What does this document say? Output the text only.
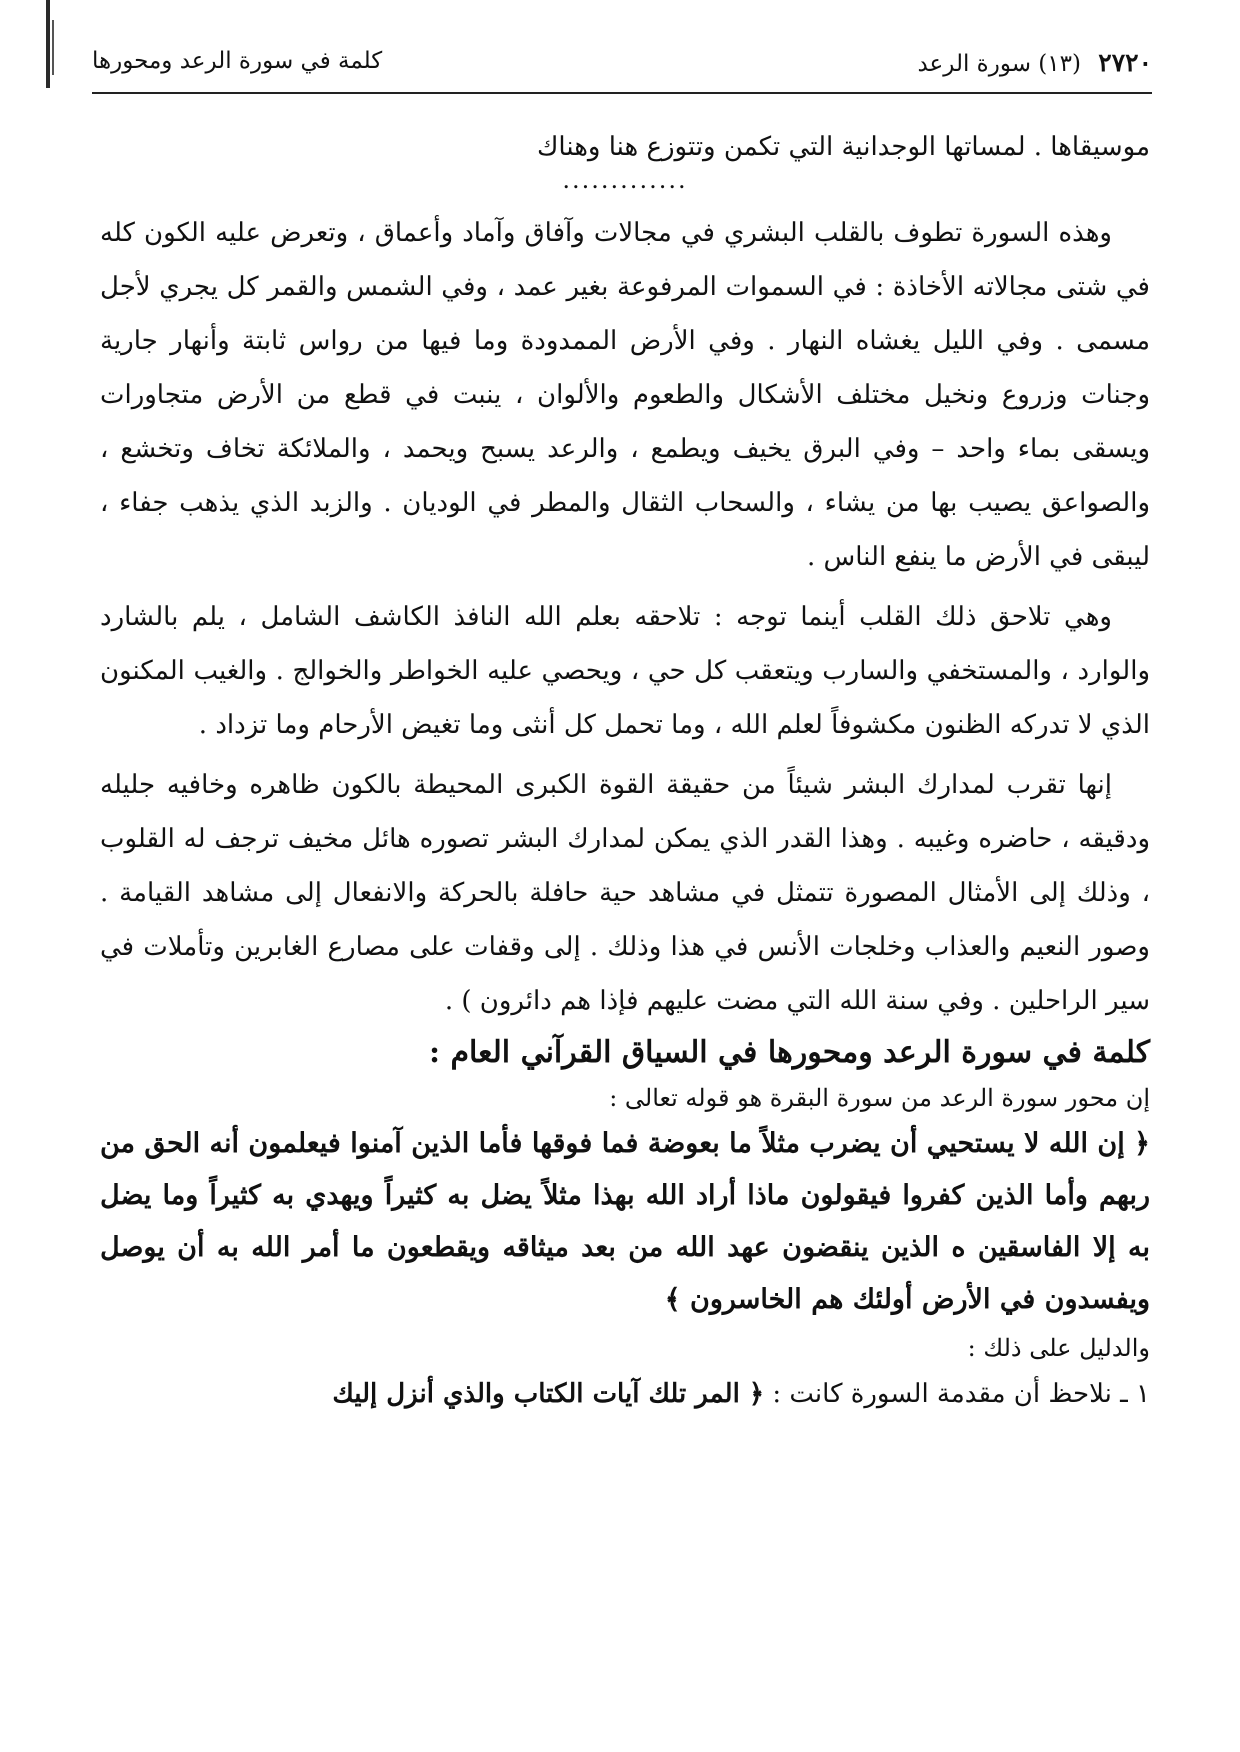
٢٧٢٠ (١٣) سورة الرعد
كلمة في سورة الرعد ومحورها

موسيقاها . لمساتها الوجدانية التي تكمن وتتوزع هنا وهناك

.............

وهذه السورة تطوف بالقلب البشري في مجالات وآفاق وآماد وأعماق ، وتعرض عليه الكون كله في شتى مجالاته الأخاذة : في السموات المرفوعة بغير عمد ، وفي الشمس والقمر كل يجري لأجل مسمى . وفي الليل يغشاه النهار . وفي الأرض الممدودة وما فيها من رواس ثابتة وأنهار جارية وجنات وزروع ونخيل مختلف الأشكال والطعوم والألوان ، ينبت في قطع من الأرض متجاورات ويسقى بماء واحد – وفي البرق يخيف ويطمع ، والرعد يسبح ويحمد ، والملائكة تخاف وتخشع ، والصواعق يصيب بها من يشاء ، والسحاب الثقال والمطر في الوديان . والزبد الذي يذهب جفاء ، ليبقى في الأرض ما ينفع الناس .

وهي تلاحق ذلك القلب أينما توجه : تلاحقه بعلم الله النافذ الكاشف الشامل ، يلم بالشارد والوارد ، والمستخفي والسارب ويتعقب كل حي ، ويحصي عليه الخواطر والخوالج . والغيب المكنون الذي لا تدركه الظنون مكشوفاً لعلم الله ، وما تحمل كل أنثى وما تغيض الأرحام وما تزداد .

إنها تقرب لمدارك البشر شيئاً من حقيقة القوة الكبرى المحيطة بالكون ظاهره وخافيه جليله ودقيقه ، حاضره وغيبه . وهذا القدر الذي يمكن لمدارك البشر تصوره هائل مخيف ترجف له القلوب ، وذلك إلى الأمثال المصورة تتمثل في مشاهد حية حافلة بالحركة والانفعال إلى مشاهد القيامة . وصور النعيم والعذاب وخلجات الأنس في هذا وذلك . إلى وقفات على مصارع الغابرين وتأملات في سير الراحلين . وفي سنة الله التي مضت عليهم فإذا هم دائرون ) .

كلمة في سورة الرعد ومحورها في السياق القرآني العام :

إن محور سورة الرعد من سورة البقرة هو قوله تعالى :

﴿ إن الله لا يستحيي أن يضرب مثلاً ما بعوضة فما فوقها فأما الذين آمنوا فيعلمون أنه الحق من ربهم وأما الذين كفروا فيقولون ماذا أراد الله بهذا مثلاً يضل به كثيراً ويهدي به كثيراً وما يضل به إلا الفاسقين ه الذين ينقضون عهد الله من بعد ميثاقه ويقطعون ما أمر الله به أن يوصل ويفسدون في الأرض أولئك هم الخاسرون ﴾

والدليل على ذلك :

١ ـ نلاحظ أن مقدمة السورة كانت : ﴿ المر تلك آيات الكتاب والذي أنزل إليك
